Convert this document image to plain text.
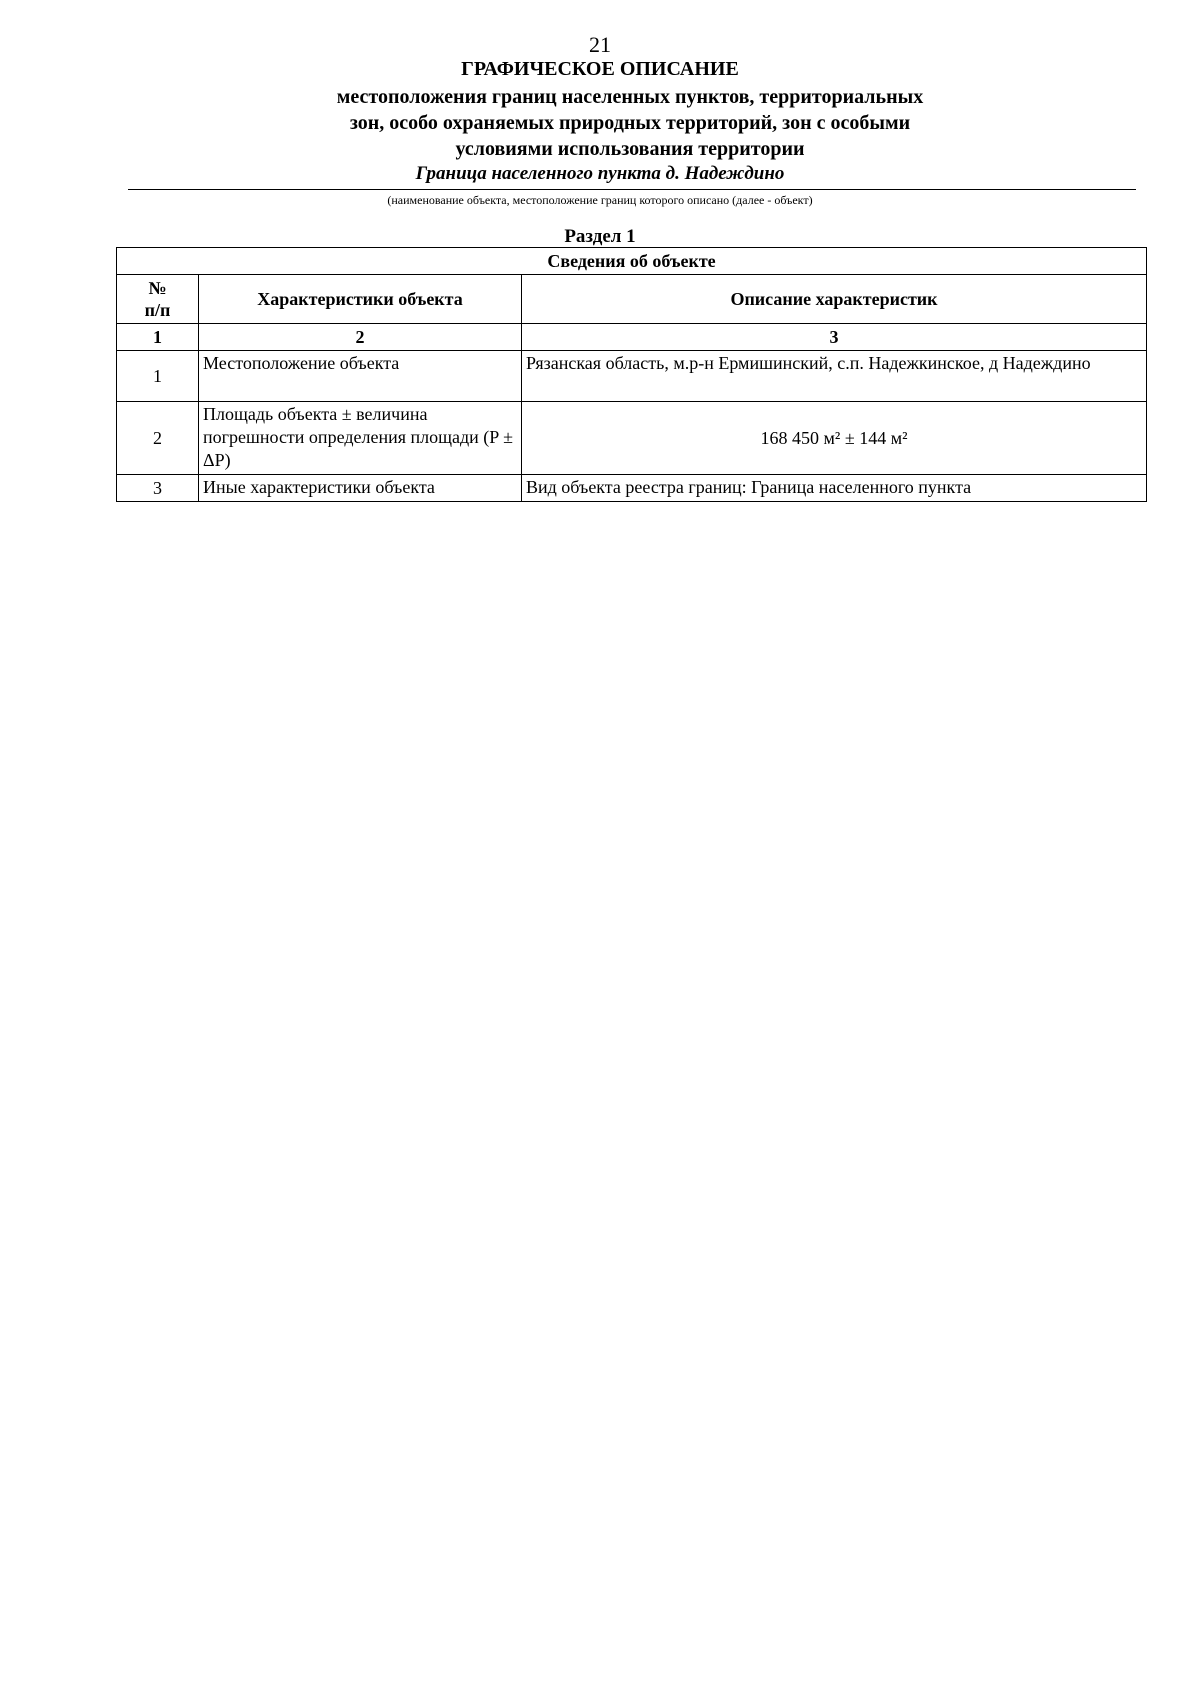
21
ГРАФИЧЕСКОЕ ОПИСАНИЕ
местоположения границ населенных пунктов, территориальных
зон, особо охраняемых природных территорий, зон с особыми
условиями использования территории
Граница населенного пункта д. Надеждино
(наименование объекта, местоположение границ которого описано (далее - объект)
Раздел 1
Сведения об объекте		
№
п/п	Характеристики объекта	Описание характеристик
1	2	3
1	Местоположение объекта	Рязанская область, м.р-н Ермишинский, с.п. Надежкинское, д Надеждино
2	Площадь объекта ± величина погрешности определения площади (P ± ΔP)	168 450 м² ± 144 м²
3	Иные характеристики объекта	Вид объекта реестра границ: Граница населенного пункта
